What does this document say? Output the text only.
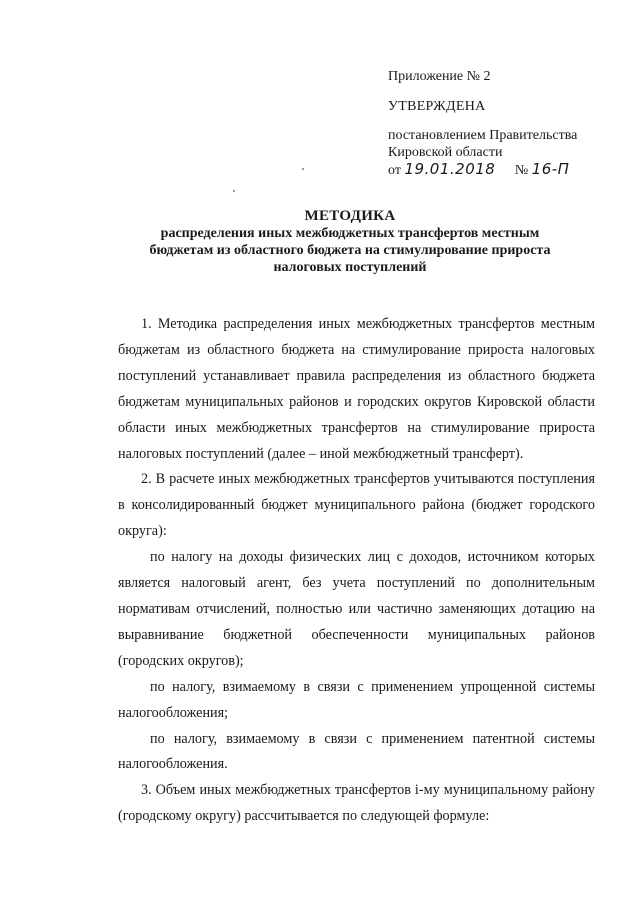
Приложение № 2
УТВЕРЖДЕНА
постановлением Правительства
Кировской области
от 19.01.2018 № 16-П
МЕТОДИКА
распределения иных межбюджетных трансфертов местным
бюджетам из областного бюджета на стимулирование прироста
налоговых поступлений

1. Методика распределения иных межбюджетных трансфертов местным бюджетам из областного бюджета на стимулирование прироста налоговых поступлений устанавливает правила распределения из областного бюджета бюджетам муниципальных районов и городских округов Кировской области области иных межбюджетных трансфертов на стимулирование прироста налоговых поступлений (далее – иной межбюджетный трансферт).

2. В расчете иных межбюджетных трансфертов учитываются поступления в консолидированный бюджет муниципального района (бюджет городского округа):

по налогу на доходы физических лиц с доходов, источником которых является налоговый агент, без учета поступлений по дополнительным нормативам отчислений, полностью или частично заменяющих дотацию на выравнивание бюджетной обеспеченности муниципальных районов (городских округов);

по налогу, взимаемому в связи с применением упрощенной системы налогообложения;

по налогу, взимаемому в связи с применением патентной системы налогообложения.

3. Объем иных межбюджетных трансфертов i-му муниципальному району (городскому округу) рассчитывается по следующей формуле:
